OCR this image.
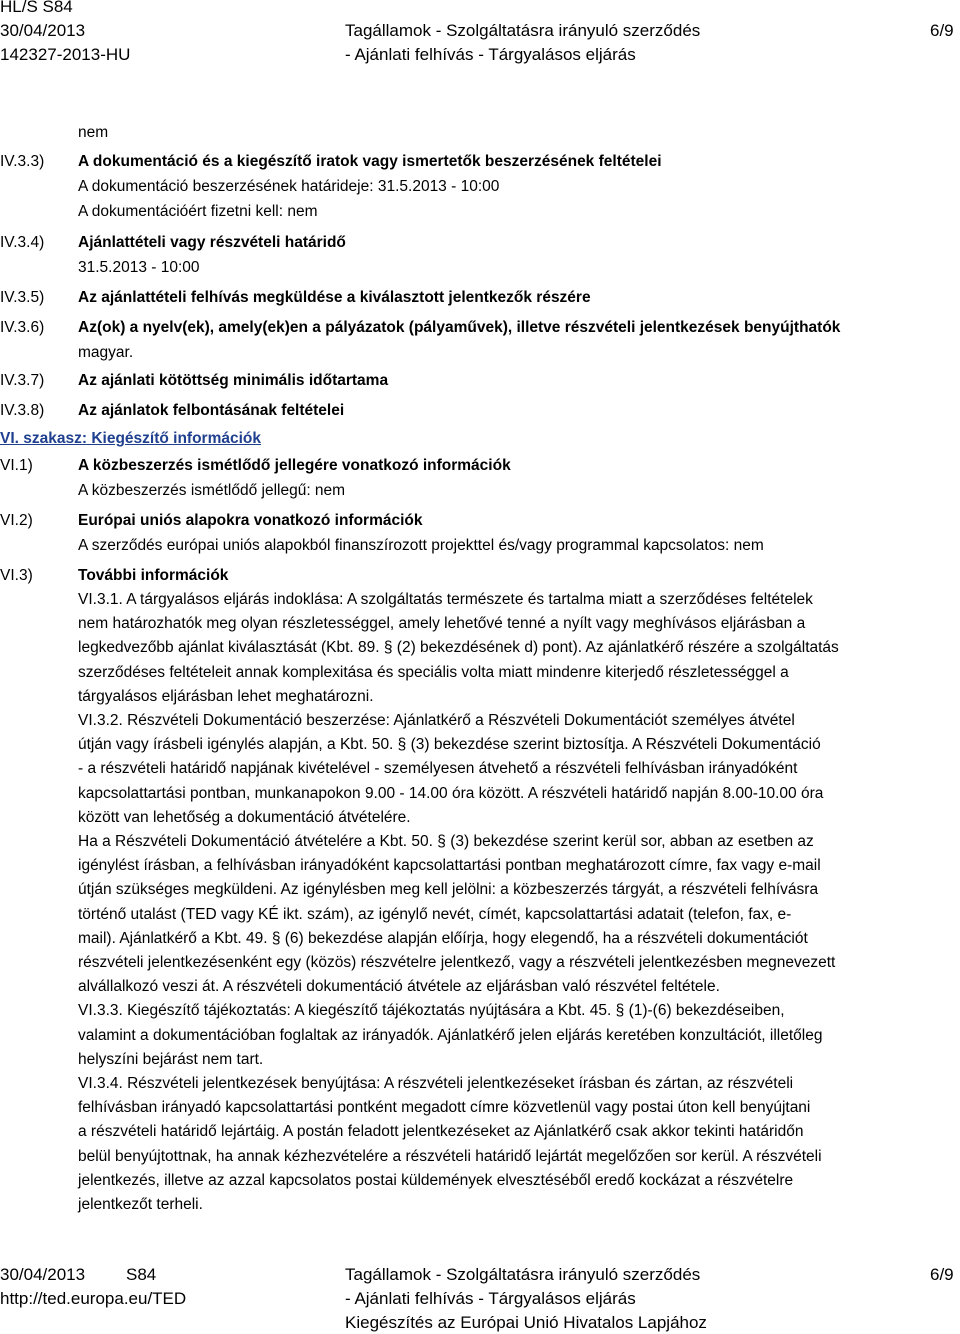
HL/S S84
30/04/2013
142327-2013-HU
Tagállamok - Szolgáltatásra irányuló szerződés
- Ajánlati felhívás - Tárgyalásos eljárás
6/9
nem
IV.3.3) A dokumentáció és a kiegészítő iratok vagy ismertetők beszerzésének feltételei
A dokumentáció beszerzésének határideje: 31.5.2013 - 10:00
A dokumentációért fizetni kell: nem
IV.3.4) Ajánlattételi vagy részvételi határidő
31.5.2013 - 10:00
IV.3.5) Az ajánlattételi felhívás megküldése a kiválasztott jelentkezők részére
IV.3.6) Az(ok) a nyelv(ek), amely(ek)en a pályázatok (pályaművek), illetve részvételi jelentkezések benyújthatók
magyar.
IV.3.7) Az ajánlati kötöttség minimális időtartama
IV.3.8) Az ajánlatok felbontásának feltételei
VI. szakasz: Kiegészítő információk
VI.1)	A közbeszerzés ismétlődő jellegére vonatkozó információk
A közbeszerzés ismétlődő jellegű: nem
VI.2)	Európai uniós alapokra vonatkozó információk
A szerződés európai uniós alapokból finanszírozott projekttel és/vagy programmal kapcsolatos: nem
VI.3)	További információk

VI.3.1. A tárgyalásos eljárás indoklása: A szolgáltatás természete és tartalma miatt a szerződéses feltételek

nem határozhatók meg olyan részletességgel, amely lehetővé tenné a nyílt vagy meghívásos eljárásban a

legkedvezőbb ajánlat kiválasztását (Kbt. 89. § (2) bekezdésének d) pont). Az ajánlatkérő részére a szolgáltatás

szerződéses feltételeit annak komplexitása és speciális volta miatt mindenre kiterjedő részletességgel a

tárgyalásos eljárásban lehet meghatározni.

VI.3.2. Részvételi Dokumentáció beszerzése: Ajánlatkérő a Részvételi Dokumentációt személyes átvétel

útján vagy írásbeli igénylés alapján, a Kbt. 50. § (3) bekezdése szerint biztosítja. A Részvételi Dokumentáció

- a részvételi határidő napjának kivételével - személyesen átvehető a részvételi felhívásban irányadóként

kapcsolattartási pontban, munkanapokon 9.00 - 14.00 óra között. A részvételi határidő napján 8.00-10.00 óra

között van lehetőség a dokumentáció átvételére.

Ha a Részvételi Dokumentáció átvételére a Kbt. 50. § (3) bekezdése szerint kerül sor, abban az esetben az

igénylést írásban, a felhívásban irányadóként kapcsolattartási pontban meghatározott címre, fax vagy e-mail

útján szükséges megküldeni. Az igénylésben meg kell jelölni: a közbeszerzés tárgyát, a részvételi felhívásra

történő utalást (TED vagy KÉ ikt. szám), az igénylő nevét, címét, kapcsolattartási adatait (telefon, fax, e-

mail). Ajánlatkérő a Kbt. 49. § (6) bekezdése alapján előírja, hogy elegendő, ha a részvételi dokumentációt

részvételi jelentkezésenként egy (közös) részvételre jelentkező, vagy a részvételi jelentkezésben megnevezett

alvállalkozó veszi át. A részvételi dokumentáció átvétele az eljárásban való részvétel feltétele.

VI.3.3. Kiegészítő tájékoztatás: A kiegészítő tájékoztatás nyújtására a Kbt. 45. § (1)-(6) bekezdéseiben,

valamint a dokumentációban foglaltak az irányadók. Ajánlatkérő jelen eljárás keretében konzultációt, illetőleg

helyszíni bejárást nem tart.

VI.3.4. Részvételi jelentkezések benyújtása: A részvételi jelentkezéseket írásban és zártan, az részvételi

felhívásban irányadó kapcsolattartási pontként megadott címre közvetlenül vagy postai úton kell benyújtani

a részvételi határidő lejártáig. A postán feladott jelentkezéseket az Ajánlatkérő csak akkor tekinti határidőn

belül benyújtottnak, ha annak kézhezvételére a részvételi határidő lejártát megelőzően sor kerül. A részvételi

jelentkezés, illetve az azzal kapcsolatos postai küldemények elvesztéséből eredő kockázat a részvételre

jelentkezőt terheli.

30/04/2013 S84
http://ted.europa.eu/TED
Tagállamok - Szolgáltatásra irányuló szerződés
- Ajánlati felhívás - Tárgyalásos eljárás
Kiegészítés az Európai Unió Hivatalos Lapjához
6/9
